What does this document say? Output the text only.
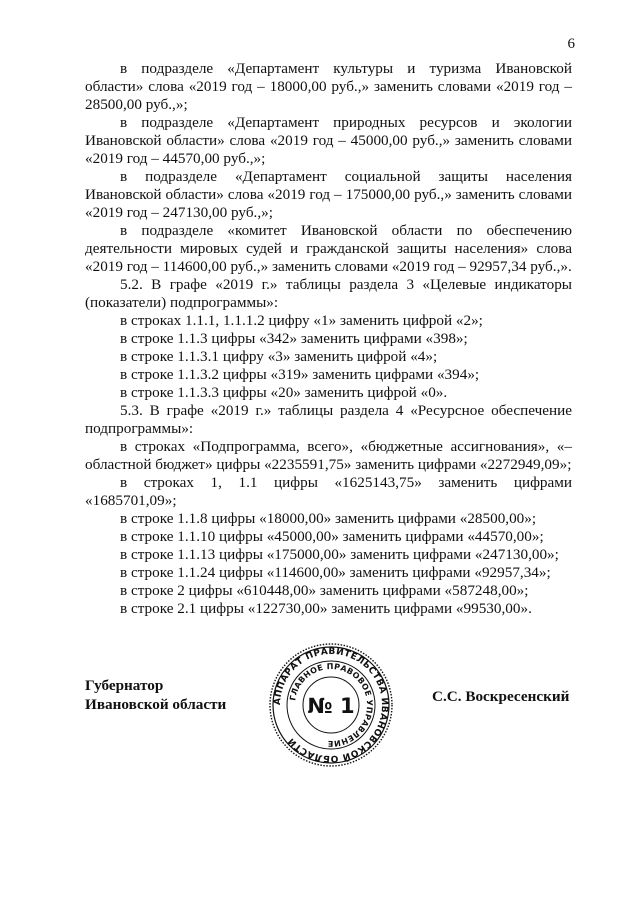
6

в подразделе «Департамент культуры и туризма Ивановской области» слова «2019 год – 18000,00 руб.,» заменить словами «2019 год – 28500,00 руб.,»;

в подразделе «Департамент природных ресурсов и экологии Ивановской области» слова «2019 год – 45000,00 руб.,» заменить словами «2019 год – 44570,00 руб.,»;

в подразделе «Департамент социальной защиты населения Ивановской области» слова «2019 год – 175000,00 руб.,» заменить словами «2019 год – 247130,00 руб.,»;

в подразделе «комитет Ивановской области по обеспечению деятельности мировых судей и гражданской защиты населения» слова «2019 год – 114600,00 руб.,» заменить словами «2019 год – 92957,34 руб.,».

5.2. В графе «2019 г.» таблицы раздела 3 «Целевые индикаторы (показатели) подпрограммы»:

в строках 1.1.1, 1.1.1.2 цифру «1» заменить цифрой «2»;

в строке 1.1.3 цифры «342» заменить цифрами «398»;

в строке 1.1.3.1 цифру «3» заменить цифрой «4»;

в строке 1.1.3.2 цифры «319» заменить цифрами «394»;

в строке 1.1.3.3 цифры «20» заменить цифрой «0».

5.3. В графе «2019 г.» таблицы раздела 4 «Ресурсное обеспечение подпрограммы»:

в строках «Подпрограмма, всего», «бюджетные ассигнования», «– областной бюджет» цифры «2235591,75» заменить цифрами «2272949,09»;

в строках 1, 1.1 цифры «1625143,75» заменить цифрами «1685701,09»;

в строке 1.1.8 цифры «18000,00» заменить цифрами «28500,00»;

в строке 1.1.10 цифры «45000,00» заменить цифрами «44570,00»;

в строке 1.1.13 цифры «175000,00» заменить цифрами «247130,00»;

в строке 1.1.24 цифры «114600,00» заменить цифрами «92957,34»;

в строке 2 цифры «610448,00» заменить цифрами «587248,00»;

в строке 2.1 цифры «122730,00» заменить цифрами «99530,00».

Губернатор
Ивановской области	АППАРАТ ПРАВИТЕЛЬСТВА ИВАНОВСКОЙ ОБЛАСТИ
ГЛАВНОЕ ПРАВОВОЕ УПРАВЛЕНИЕ
№ 1	С.С. Воскресенский
